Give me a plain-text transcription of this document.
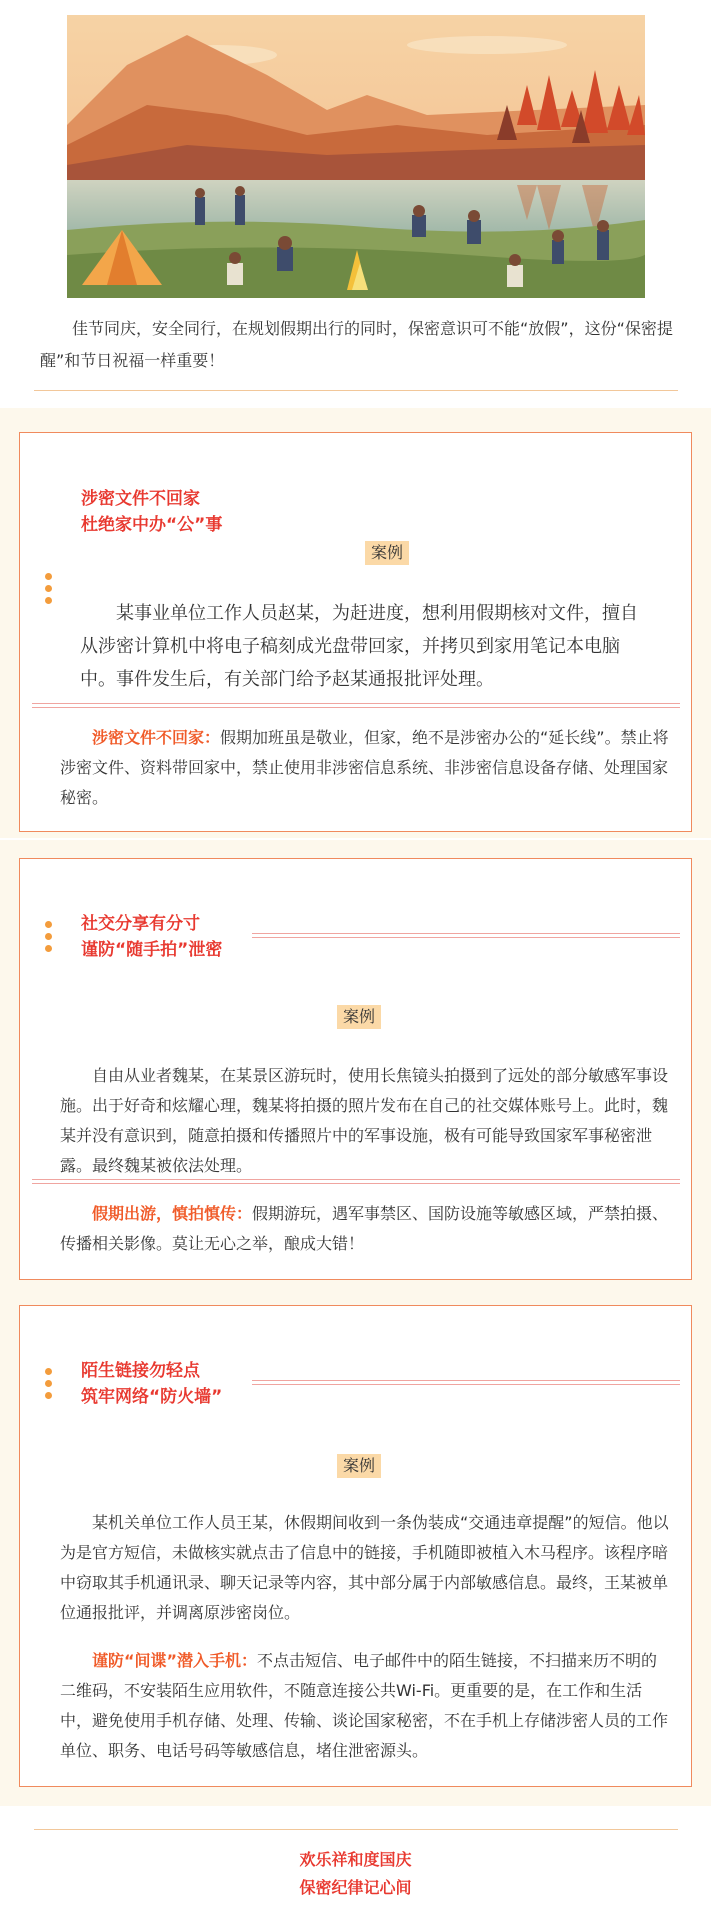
佳节同庆，安全同行，在规划假期出行的同时，保密意识可不能“放假”，这份“保密提醒”和节日祝福一样重要！

涉密文件不回家
杜绝家中办“公”事
案例
某事业单位工作人员赵某，为赶进度，想利用假期核对文件，擅自
从涉密计算机中将电子稿刻成光盘带回家，并拷贝到家用笔记本电脑
中。事件发生后，有关部门给予赵某通报批评处理。

涉密文件不回家：假期加班虽是敬业，但家，绝不是涉密办公的“延长线”。禁止将涉密文件、资料带回家中，禁止使用非涉密信息系统、非涉密信息设备存储、处理国家秘密。

社交分享有分寸
谨防“随手拍”泄密
案例

自由从业者魏某，在某景区游玩时，使用长焦镜头拍摄到了远处的部分敏感军事设施。出于好奇和炫耀心理，魏某将拍摄的照片发布在自己的社交媒体账号上。此时，魏某并没有意识到，随意拍摄和传播照片中的军事设施，极有可能导致国家军事秘密泄露。最终魏某被依法处理。

假期出游，慎拍慎传：假期游玩，遇军事禁区、国防设施等敏感区域，严禁拍摄、传播相关影像。莫让无心之举，酿成大错！

陌生链接勿轻点
筑牢网络“防火墙”
案例

某机关单位工作人员王某，休假期间收到一条伪装成“交通违章提醒”的短信。他以为是官方短信，未做核实就点击了信息中的链接，手机随即被植入木马程序。该程序暗中窃取其手机通讯录、聊天记录等内容，其中部分属于内部敏感信息。最终，王某被单位通报批评，并调离原涉密岗位。

谨防“间谍”潜入手机：不点击短信、电子邮件中的陌生链接，不扫描来历不明的二维码，不安装陌生应用软件，不随意连接公共Wi-Fi。更重要的是，在工作和生活中，避免使用手机存储、处理、传输、谈论国家秘密，不在手机上存储涉密人员的工作单位、职务、电话号码等敏感信息，堵住泄密源头。

欢乐祥和度国庆
保密纪律记心间
